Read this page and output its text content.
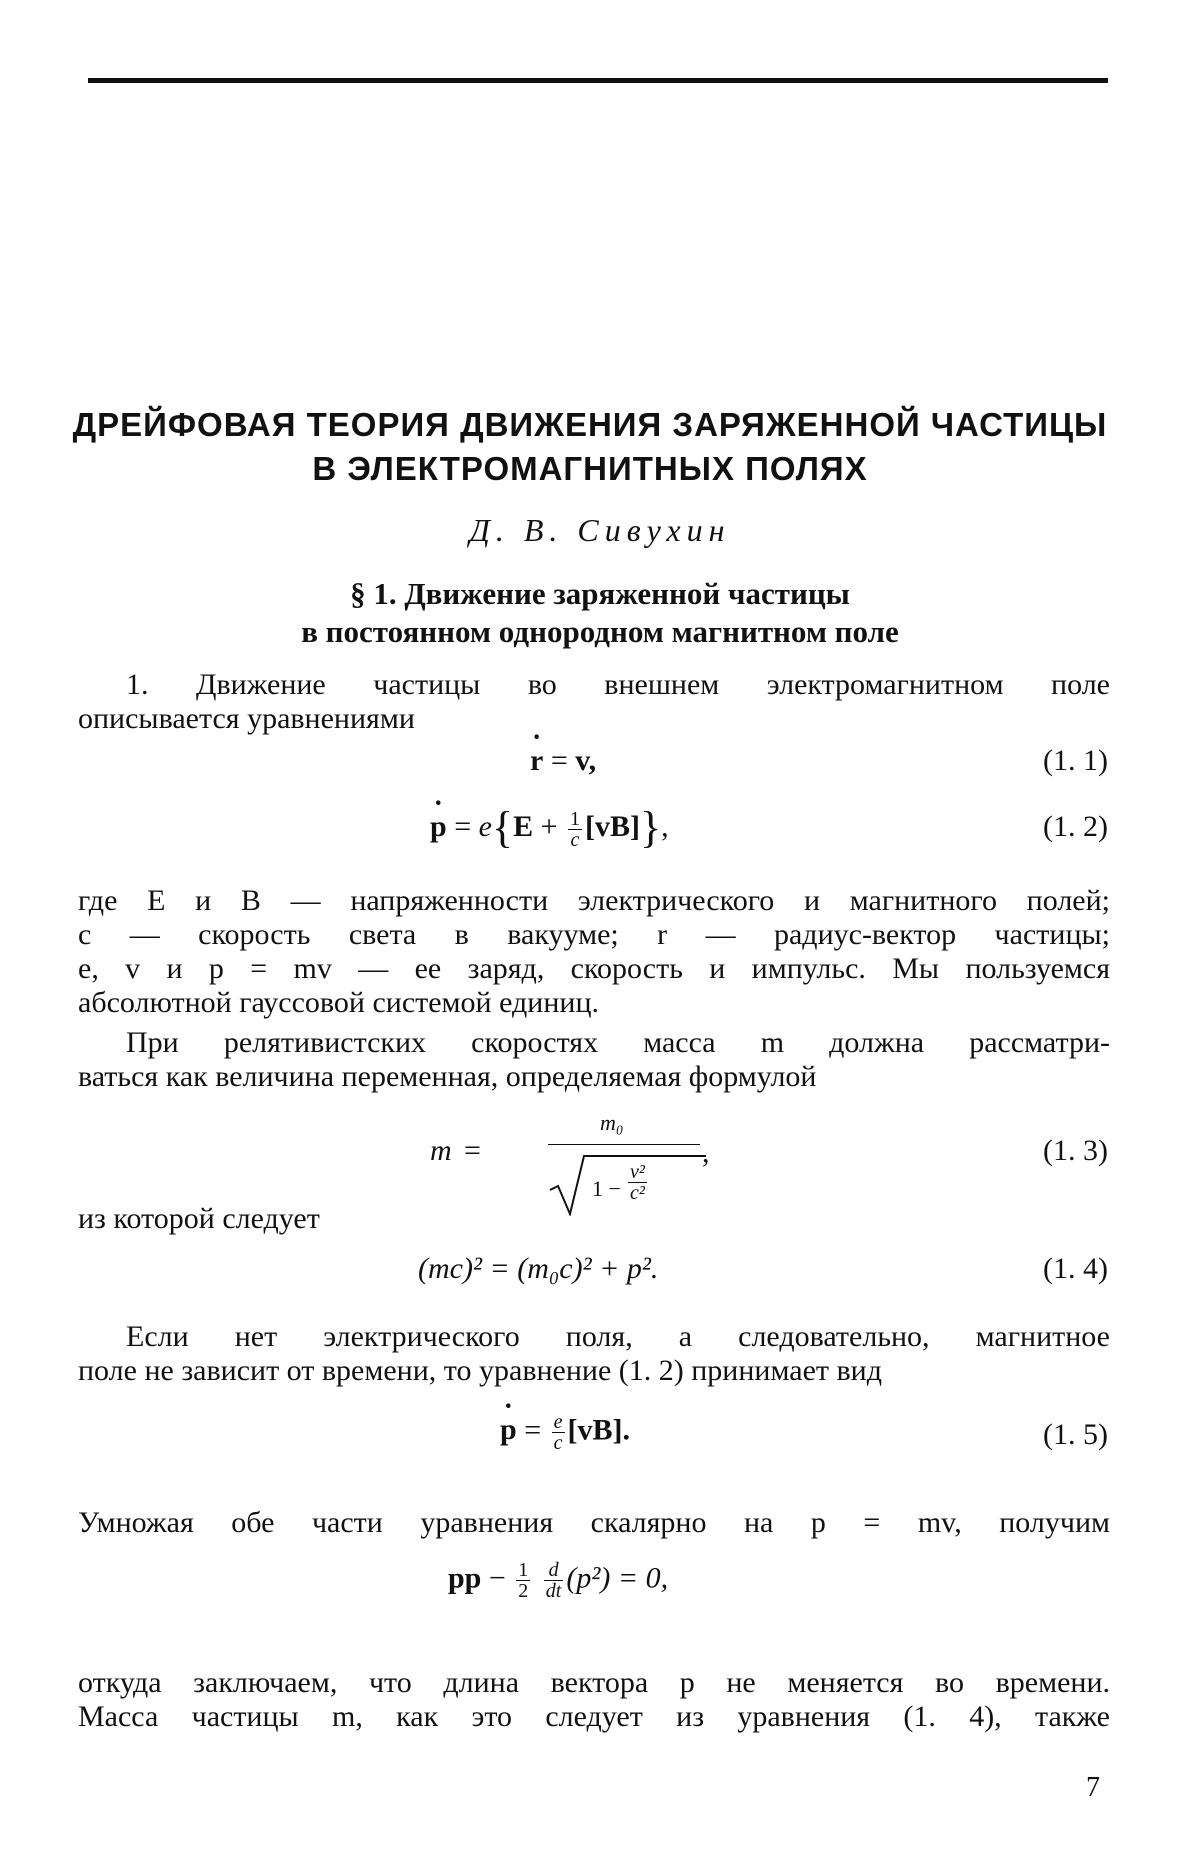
ДРЕЙФОВАЯ ТЕОРИЯ ДВИЖЕНИЯ ЗАРЯЖЕННОЙ ЧАСТИЦЫ
В ЭЛЕКТРОМАГНИТНЫХ ПОЛЯХ
Д. В. Сивухин
§ 1. Движение заряженной частицы
в постоянном однородном магнитном поле
1. Движение частицы во внешнем электромагнитном поле
описывается уравнениями
· r = v,	(1. 1)
· $p = e\{E + \frac{1}{c} [vB]\}$,	(1. 2)
где E и B — напряженности электрического и магнитного полей;
c — скорость света в вакууме; r — радиус-вектор частицы;
e, v и p = mv — ее заряд, скорость и импульс. Мы пользуемся
абсолютной гауссовой системой единиц.
При релятивистских скоростях масса m должна рассматри-
ваться как величина переменная, определяемая формулой
m =
m₀
$1 - \frac{\text{v²}}{\text{c²}}$
,	(1. 3)
из которой следует
(mc)² = (m₀c)² + p².	(1. 4)
Если нет электрического поля, а следовательно, магнитное
поле не зависит от времени, то уравнение (1. 2) принимает вид
· $p = \frac{e}{c} [vB]$.	(1. 5)
Умножая обе части уравнения скалярно на p = mv, получим
pp − $\frac{1}{2}$
$\frac{d}{dt} (p^2) = 0$,
откуда заключаем, что длина вектора p не меняется во времени.
Масса частицы m, как это следует из уравнения (1. 4), также
7
